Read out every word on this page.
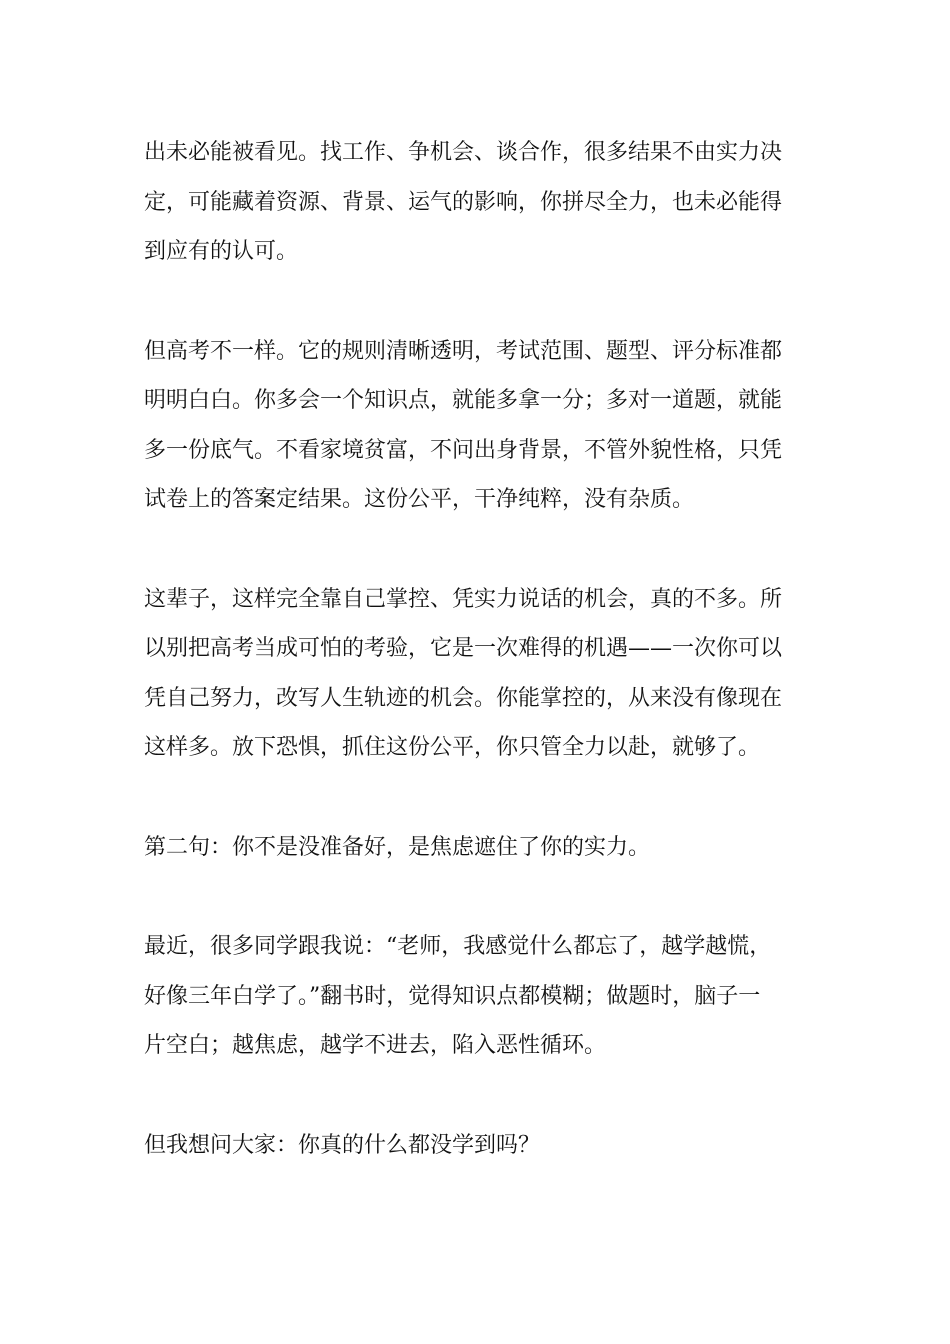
出未必能被看见。找工作、争机会、谈合作，很多结果不由实力决
定，可能藏着资源、背景、运气的影响，你拼尽全力，也未必能得
到应有的认可。

但高考不一样。它的规则清晰透明，考试范围、题型、评分标准都
明明白白。你多会一个知识点，就能多拿一分；多对一道题，就能
多一份底气。不看家境贫富，不问出身背景，不管外貌性格，只凭
试卷上的答案定结果。这份公平，干净纯粹，没有杂质。

这辈子，这样完全靠自己掌控、凭实力说话的机会，真的不多。所
以别把高考当成可怕的考验，它是一次难得的机遇——一次你可以
凭自己努力，改写人生轨迹的机会。你能掌控的，从来没有像现在
这样多。放下恐惧，抓住这份公平，你只管全力以赴，就够了。

第二句：你不是没准备好，是焦虑遮住了你的实力。

最近，很多同学跟我说：“老师，我感觉什么都忘了，越学越慌，
好像三年白学了。”翻书时，觉得知识点都模糊；做题时，脑子一
片空白；越焦虑，越学不进去，陷入恶性循环。

但我想问大家：你真的什么都没学到吗？
